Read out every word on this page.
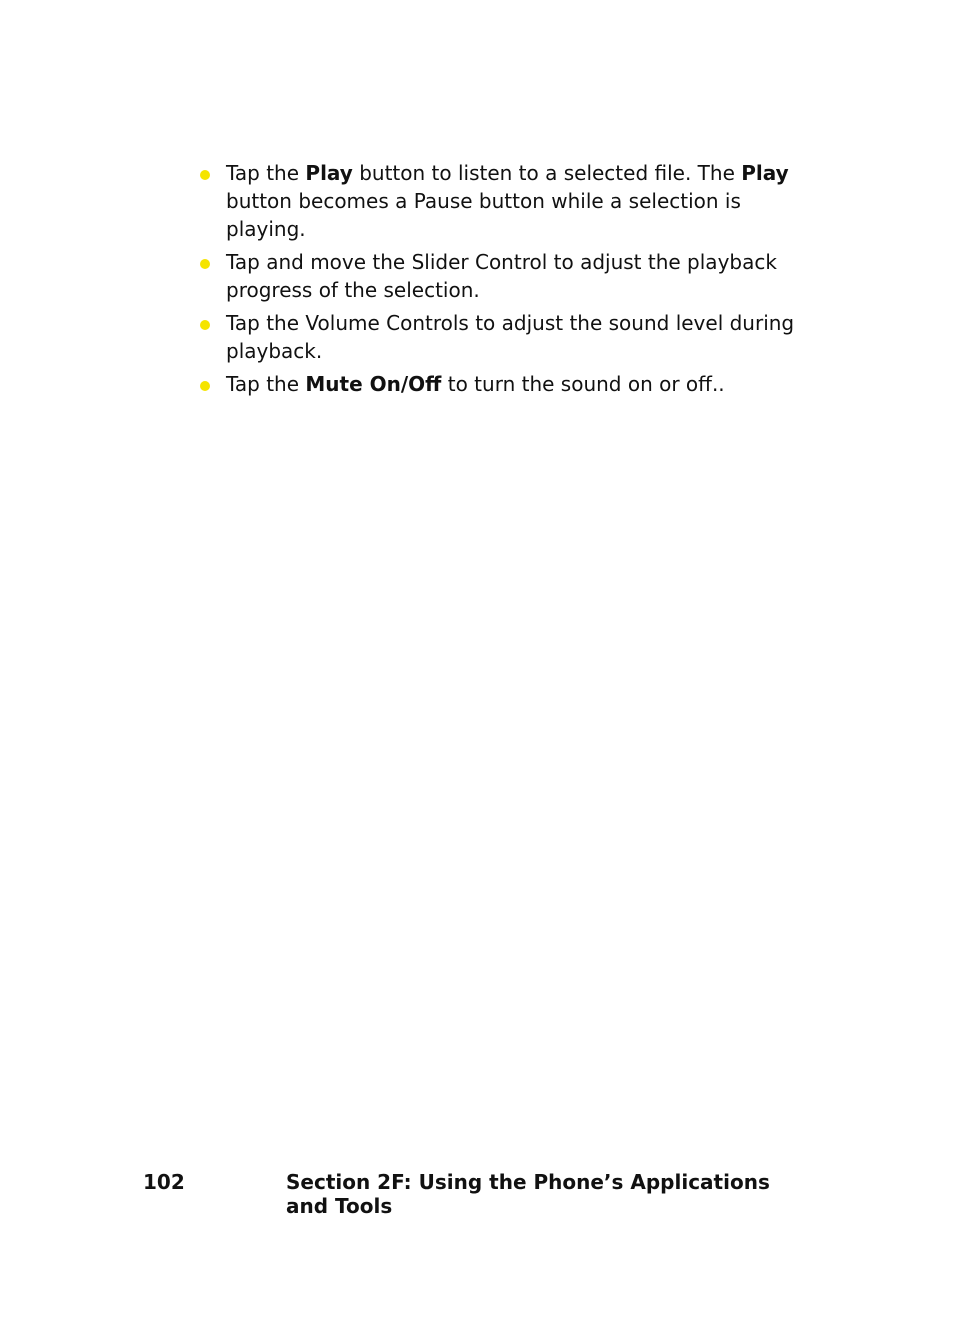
Tap the Play button to listen to a selected file. The Play button becomes a Pause button while a selection is playing.
Tap and move the Slider Control to adjust the playback progress of the selection.
Tap the Volume Controls to adjust the sound level during playback.
Tap the Mute On/Off to turn the sound on or off..
102	Section 2F: Using the Phone’s Applications and Tools
